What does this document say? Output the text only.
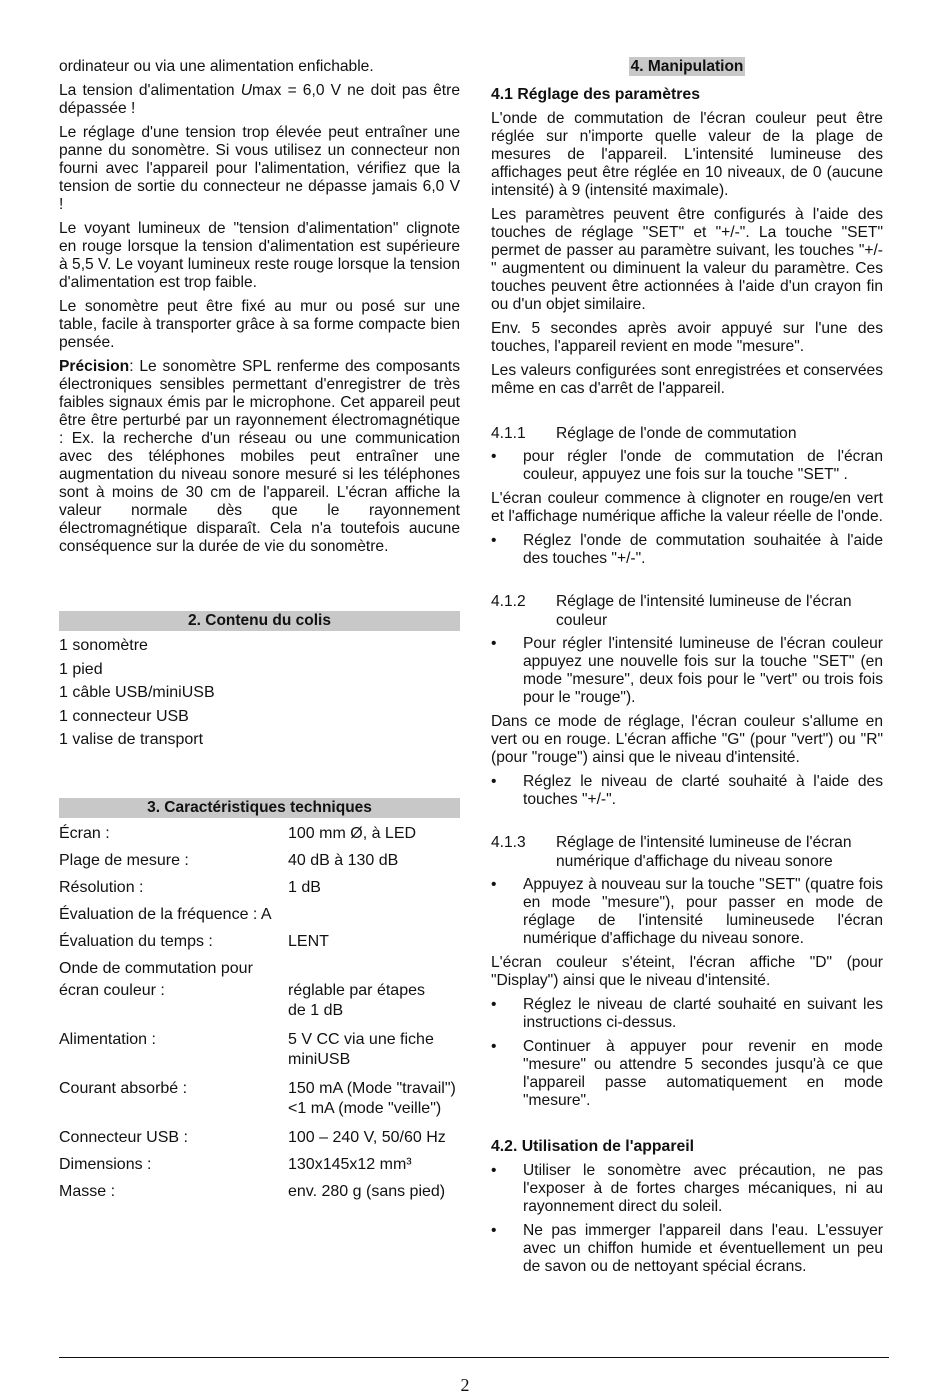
ordinateur ou via une alimentation enfichable.

La tension d'alimentation Umax = 6,0 V ne doit pas être dépassée !

Le réglage d'une tension trop élevée peut entraîner une panne du sonomètre. Si vous utilisez un connecteur non fourni avec l'appareil pour l'alimentation, vérifiez que la tension de sortie du connecteur ne dépasse jamais 6,0 V !

Le voyant lumineux de "tension d'alimentation" clignote en rouge lorsque la tension d'alimentation est supérieure à 5,5 V. Le voyant lumineux reste rouge lorsque la tension d'alimentation est trop faible.

Le sonomètre peut être fixé au mur ou posé sur une table, facile à transporter grâce à sa forme compacte bien pensée.

Précision: Le sonomètre SPL renferme des composants électroniques sensibles permettant d'enregistrer de très faibles signaux émis par le microphone. Cet appareil peut être être perturbé par un rayonnement électromagnétique : Ex. la recherche d'un réseau ou une communication avec des téléphones mobiles peut entraîner une augmentation du niveau sonore mesuré si les téléphones sont à moins de 30 cm de l'appareil. L'écran affiche la valeur normale dès que le rayonnement électromagnétique disparaît. Cela n'a toutefois aucune conséquence sur la durée de vie du sonomètre.

2. Contenu du colis
1 sonomètre
1 pied
1 câble USB/miniUSB
1 connecteur USB
1 valise de transport
3. Caractéristiques techniques
Écran :	100 mm Ø, à LED
Plage de mesure :	40 dB à 130 dB
Résolution :	1 dB
Évaluation de la fréquence : A
Évaluation du temps :	LENT
Onde de commutation pour
écran couleur :	réglable par étapes
de 1 dB
Alimentation :	5 V CC via une fiche
miniUSB
Courant absorbé :	150 mA (Mode "travail")
<1 mA (mode "veille")
Connecteur USB :	100 – 240 V, 50/60 Hz
Dimensions :	130x145x12 mm³
Masse :	env. 280 g (sans pied)
4. Manipulation
4.1 Réglage des paramètres

L'onde de commutation de l'écran couleur peut être réglée sur n'importe quelle valeur de la plage de mesures de l'appareil. L'intensité lumineuse des affichages peut être réglée en 10 niveaux, de 0 (aucune intensité) à 9 (intensité maximale).

Les paramètres peuvent être configurés à l'aide des touches de réglage "SET" et "+/-". La touche "SET" permet de passer au paramètre suivant, les touches "+/-" augmentent ou diminuent la valeur du paramètre. Ces touches peuvent être actionnées à l'aide d'un crayon fin ou d'un objet similaire.

Env. 5 secondes après avoir appuyé sur l'une des touches, l'appareil revient en mode "mesure".

Les valeurs configurées sont enregistrées et conservées même en cas d'arrêt de l'appareil.

4.1.1	Réglage de l'onde de commutation
•	pour régler l'onde de commutation de l'écran couleur, appuyez une fois sur la touche "SET" .

L'écran couleur commence à clignoter en rouge/en vert et l'affichage numérique affiche la valeur réelle de l'onde.

•	Réglez l'onde de commutation souhaitée à l'aide des touches "+/-".
4.1.2	Réglage de l'intensité lumineuse de l'écran couleur
•	Pour régler l'intensité lumineuse de l'écran couleur appuyez une nouvelle fois sur la touche "SET" (en mode "mesure", deux fois pour le "vert" ou trois fois pour le "rouge").

Dans ce mode de réglage, l'écran couleur s'allume en vert ou en rouge. L'écran affiche "G" (pour "vert") ou "R" (pour "rouge") ainsi que le niveau d'intensité.

•	Réglez le niveau de clarté souhaité à l'aide des touches "+/-".
4.1.3	Réglage de l'intensité lumineuse de l'écran numérique d'affichage du niveau sonore
•	Appuyez à nouveau sur la touche "SET" (quatre fois en mode "mesure"), pour passer en mode de réglage de l'intensité lumineusede l'écran numérique d'affichage du niveau sonore.

L'écran couleur s'éteint, l'écran affiche "D" (pour "Display") ainsi que le niveau d'intensité.

•	Réglez le niveau de clarté souhaité en suivant les instructions ci-dessus.
•	Continuer à appuyer pour revenir en mode "mesure" ou attendre 5 secondes jusqu'à ce que l'appareil passe automatiquement en mode "mesure".
4.2. Utilisation de l'appareil
•	Utiliser le sonomètre avec précaution, ne pas l'exposer à de fortes charges mécaniques, ni au rayonnement direct du soleil.
•	Ne pas immerger l'appareil dans l'eau. L'essuyer avec un chiffon humide et éventuellement un peu de savon ou de nettoyant spécial écrans.
2
